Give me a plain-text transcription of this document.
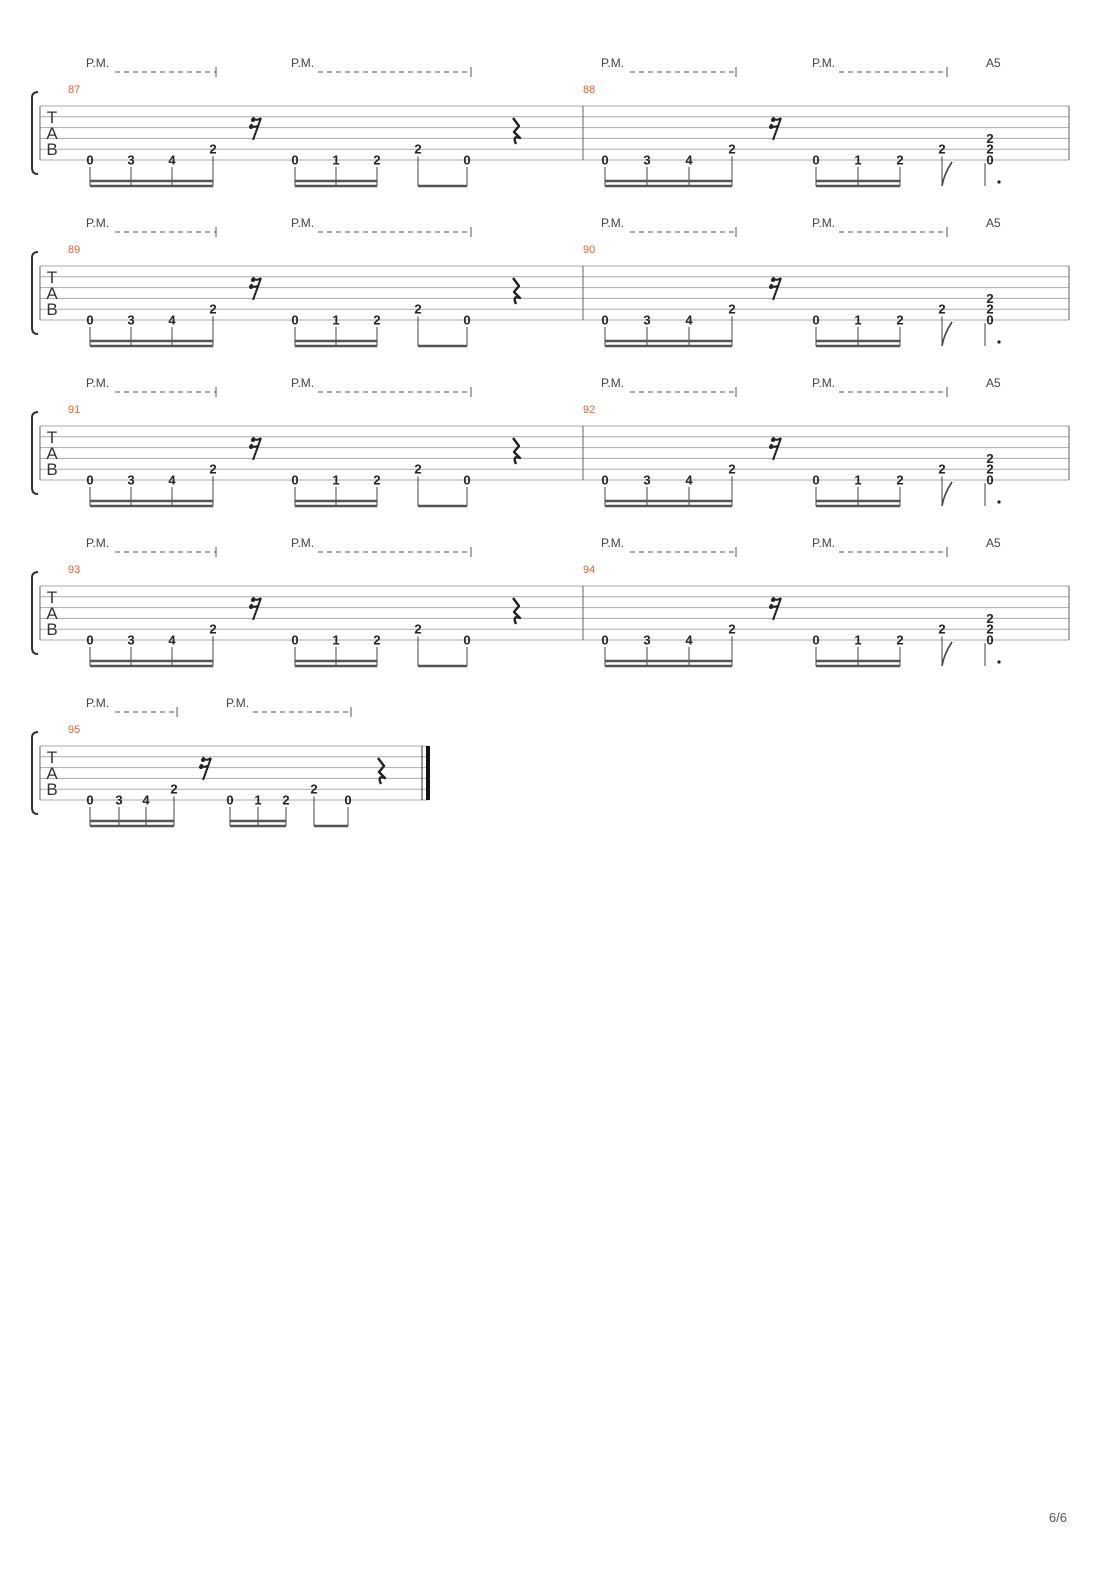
T
A
B
0	3	4
2
0	1	2
2
0
P.M.	P.M.
87
0	3	4
2
0	1	2
2
2
2
0
P.M.	P.M.	A5
88
T
A
B
0	3	4
2
0	1	2
2
0
P.M.	P.M.
89
0	3	4
2
0	1	2
2
2
2
0
P.M.	P.M.	A5
90
T
A
B
0	3	4
2
0	1	2
2
0
P.M.	P.M.
91
0	3	4
2
0	1	2
2
2
2
0
P.M.	P.M.	A5
92
T
A
B
0	3	4
2
0	1	2
2
0
P.M.	P.M.
93
0	3	4
2
0	1	2
2
2
2
0
P.M.	P.M.	A5
94
T
A
B
0 3 4
2
0 1 2
2
0
P.M.	P.M.
95
6/6
